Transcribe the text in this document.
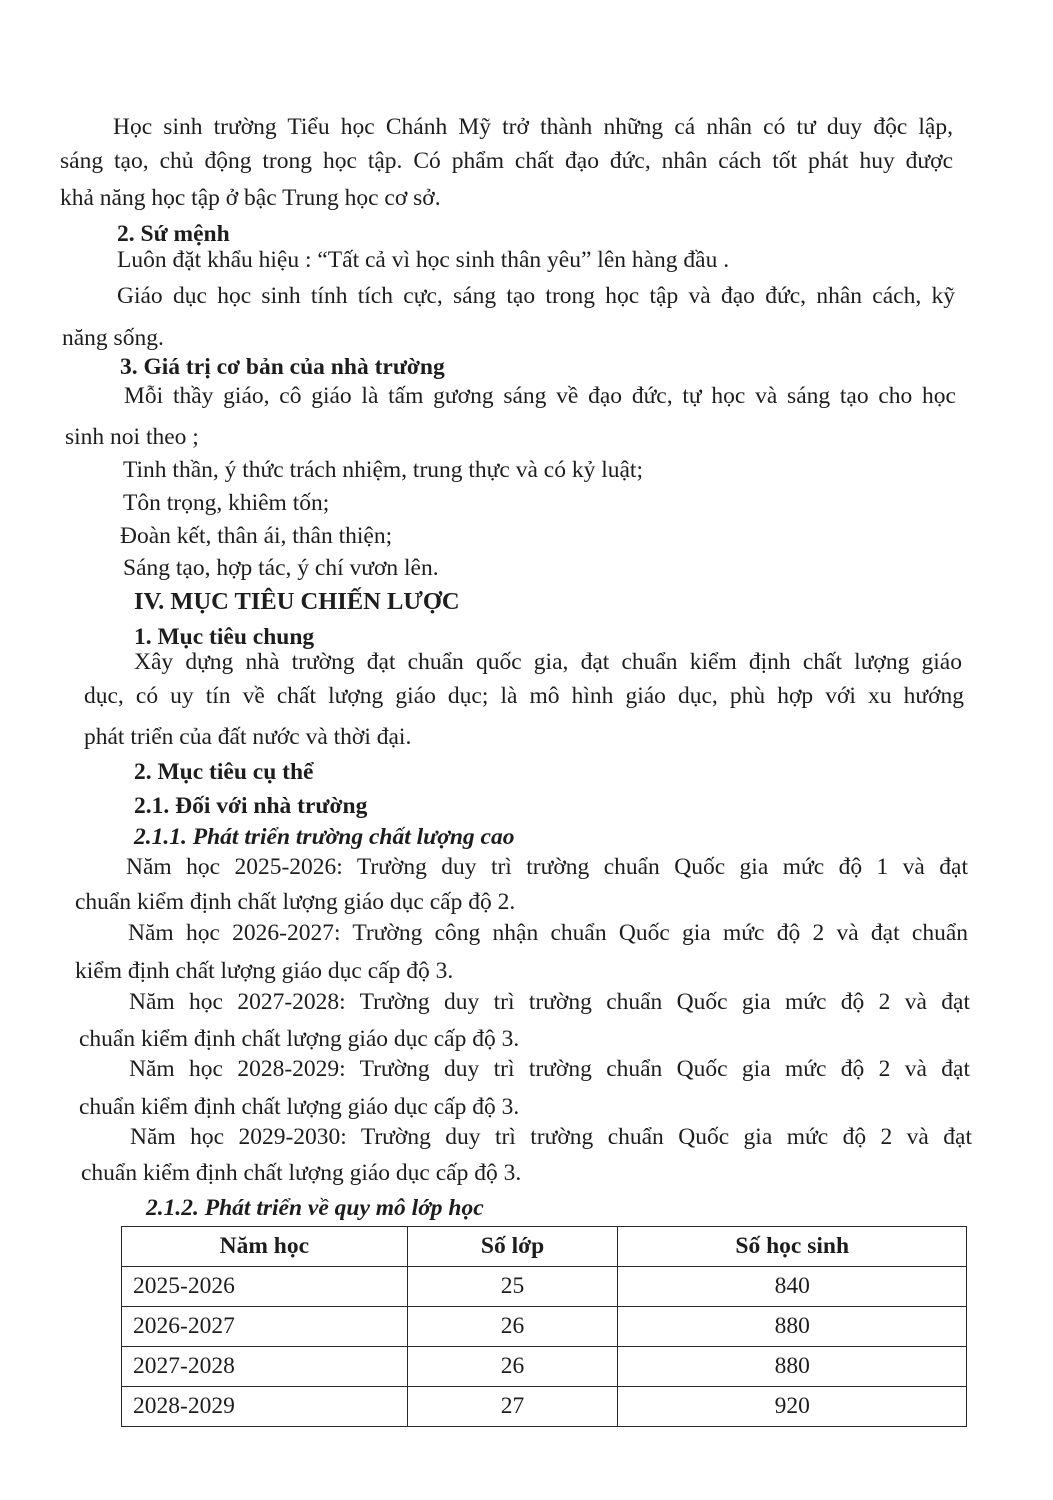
Học sinh trường Tiểu học Chánh Mỹ trở thành những cá nhân có tư duy độc lập,
sáng tạo, chủ động trong học tập. Có phẩm chất đạo đức, nhân cách tốt phát huy được
khả năng học tập ở bậc Trung học cơ sở.
2. Sứ mệnh
Luôn đặt khẩu hiệu : “Tất cả vì học sinh thân yêu” lên hàng đầu .
Giáo dục học sinh tính tích cực, sáng tạo trong học tập và đạo đức, nhân cách, kỹ
năng sống.
3. Giá trị cơ bản của nhà trường
Mỗi thầy giáo, cô giáo là tấm gương sáng về đạo đức, tự học và sáng tạo cho học
sinh noi theo ;
Tinh thần, ý thức trách nhiệm, trung thực và có kỷ luật;
Tôn trọng, khiêm tốn;
Đoàn kết, thân ái, thân thiện;
Sáng tạo, hợp tác, ý chí vươn lên.
IV. MỤC TIÊU CHIẾN LƯỢC
1. Mục tiêu chung
Xây dựng nhà trường đạt chuẩn quốc gia, đạt chuẩn kiểm định chất lượng giáo
dục, có uy tín về chất lượng giáo dục; là mô hình giáo dục, phù hợp với xu hướng
phát triển của đất nước và thời đại.
2. Mục tiêu cụ thể
2.1. Đối với nhà trường
2.1.1. Phát triển trường chất lượng cao
Năm học 2025-2026: Trường duy trì trường chuẩn Quốc gia mức độ 1 và đạt
chuẩn kiểm định chất lượng giáo dục cấp độ 2.
Năm học 2026-2027: Trường công nhận chuẩn Quốc gia mức độ 2 và đạt chuẩn
kiểm định chất lượng giáo dục cấp độ 3.
Năm học 2027-2028: Trường duy trì trường chuẩn Quốc gia mức độ 2 và đạt
chuẩn kiểm định chất lượng giáo dục cấp độ 3.
Năm học 2028-2029: Trường duy trì trường chuẩn Quốc gia mức độ 2 và đạt
chuẩn kiểm định chất lượng giáo dục cấp độ 3.
Năm học 2029-2030: Trường duy trì trường chuẩn Quốc gia mức độ 2 và đạt
chuẩn kiểm định chất lượng giáo dục cấp độ 3.
2.1.2. Phát triển về quy mô lớp học
Năm học	Số lớp	Số học sinh
2025-2026	25	840
2026-2027	26	880
2027-2028	26	880
2028-2029	27	920
